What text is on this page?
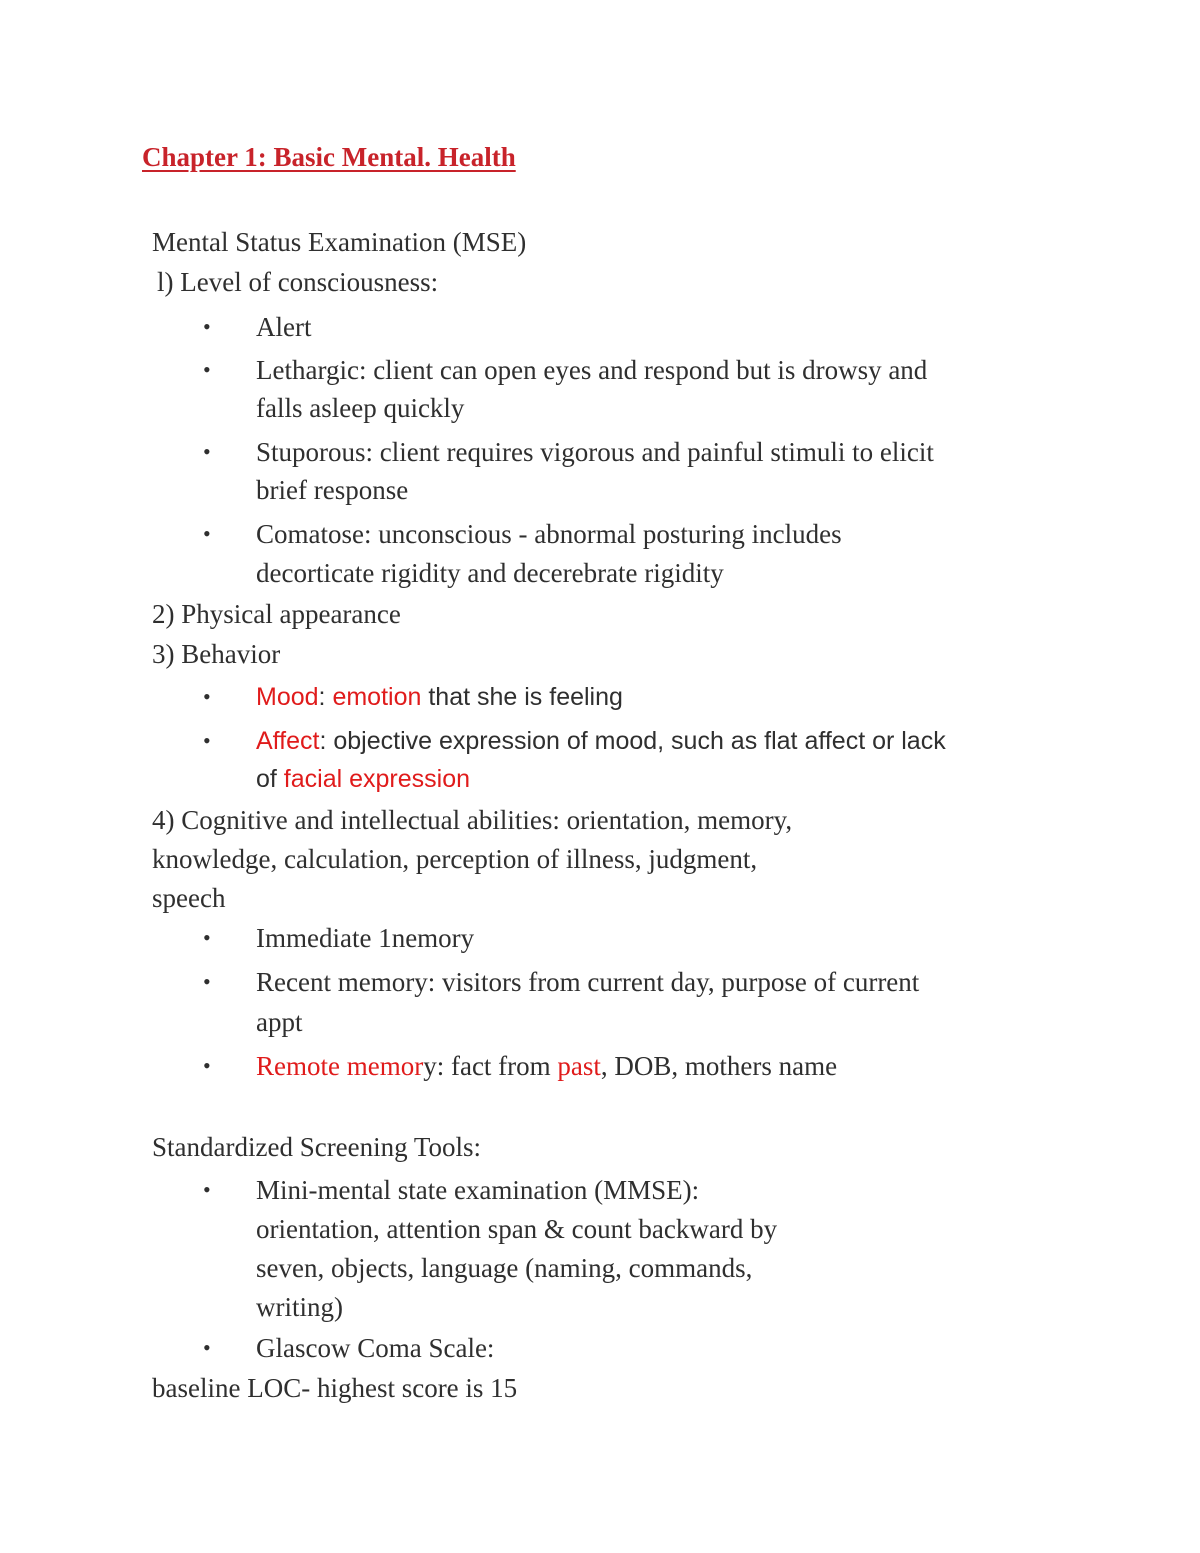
Chapter 1: Basic Mental. Health
Mental Status Examination (MSE)
l) Level of consciousness:
• Alert
• Lethargic: client can open eyes and respond but is drowsy and
falls asleep quickly
• Stuporous: client requires vigorous and painful stimuli to elicit
brief response
• Comatose: unconscious - abnormal posturing includes
decorticate rigidity and decerebrate rigidity
2) Physical appearance
3) Behavior
• Mood: emotion that she is feeling
• Affect: objective expression of mood, such as flat affect or lack
of facial expression
4) Cognitive and intellectual abilities: orientation, memory,
knowledge, calculation, perception of illness, judgment,
speech
• Immediate 1nemory
• Recent memory: visitors from current day, purpose of current
appt
• Remote memory: fact from past, DOB, mothers name
Standardized Screening Tools:
• Mini-mental state examination (MMSE):
orientation, attention span & count backward by
seven, objects, language (naming, commands,
writing)
• Glascow Coma Scale:
baseline LOC- highest score is 15
